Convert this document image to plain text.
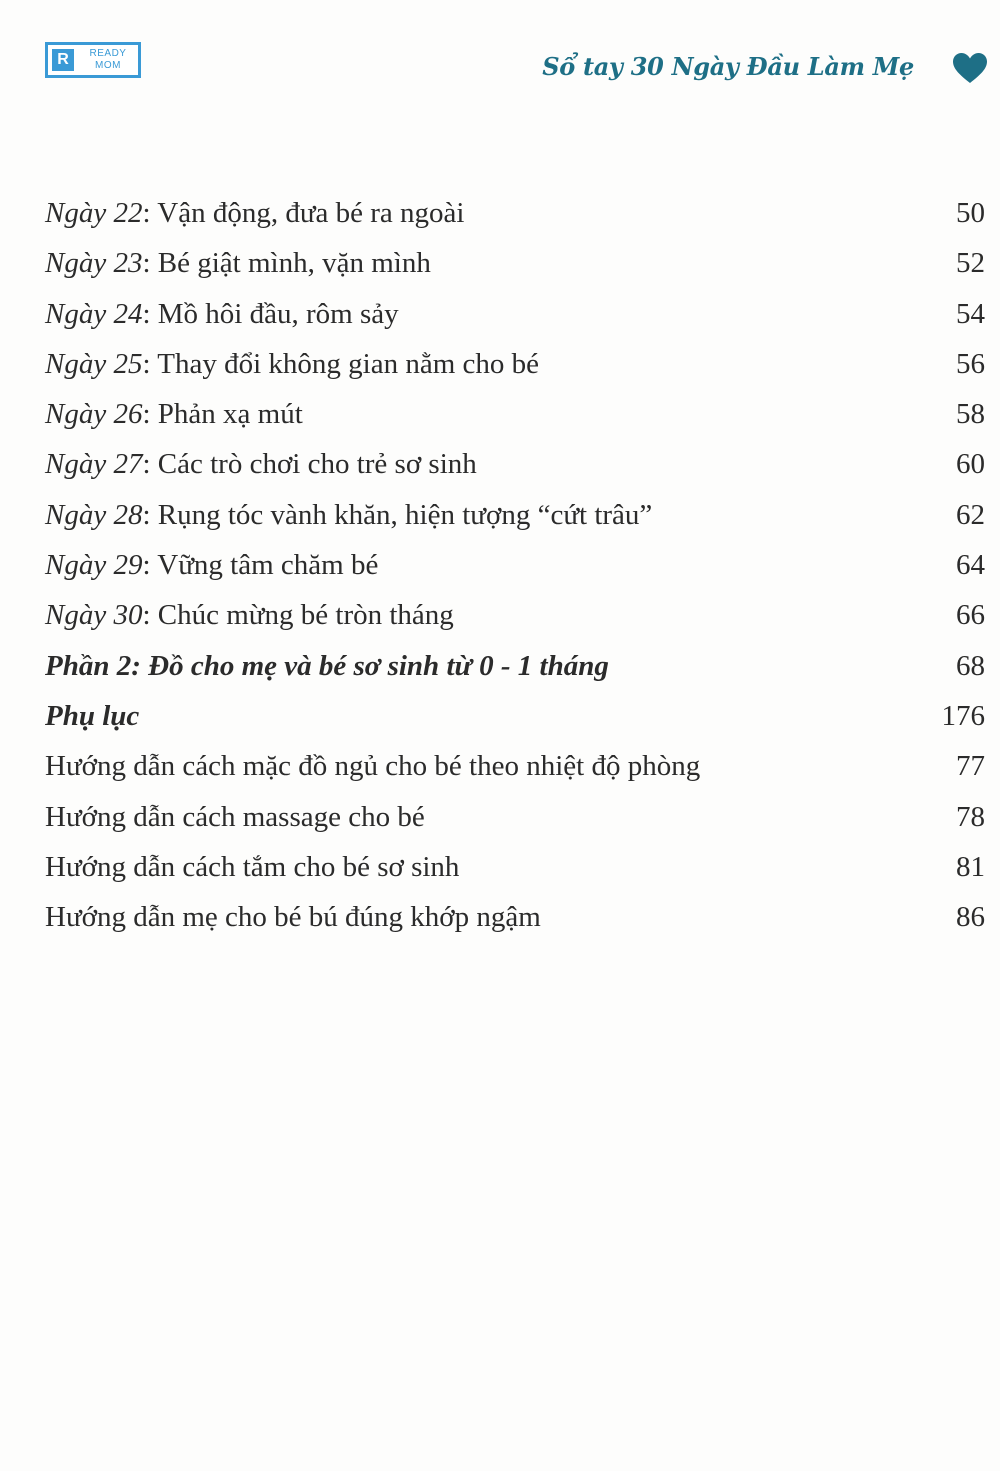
R	READY
MOM	Sổ tay 30 Ngày Đầu Làm Mẹ
Ngày 22: Vận động, đưa bé ra ngoài	50
Ngày 23: Bé giật mình, vặn mình	52
Ngày 24: Mồ hôi đầu, rôm sảy	54
Ngày 25: Thay đổi không gian nằm cho bé	56
Ngày 26: Phản xạ mút	58
Ngày 27: Các trò chơi cho trẻ sơ sinh	60
Ngày 28: Rụng tóc vành khăn, hiện tượng “cứt trâu”	62
Ngày 29: Vững tâm chăm bé	64
Ngày 30: Chúc mừng bé tròn tháng	66
Phần 2: Đồ cho mẹ và bé sơ sinh từ 0 - 1 tháng	68
Phụ lục	176
Hướng dẫn cách mặc đồ ngủ cho bé theo nhiệt độ phòng	77
Hướng dẫn cách massage cho bé	78
Hướng dẫn cách tắm cho bé sơ sinh	81
Hướng dẫn mẹ cho bé bú đúng khớp ngậm	86
